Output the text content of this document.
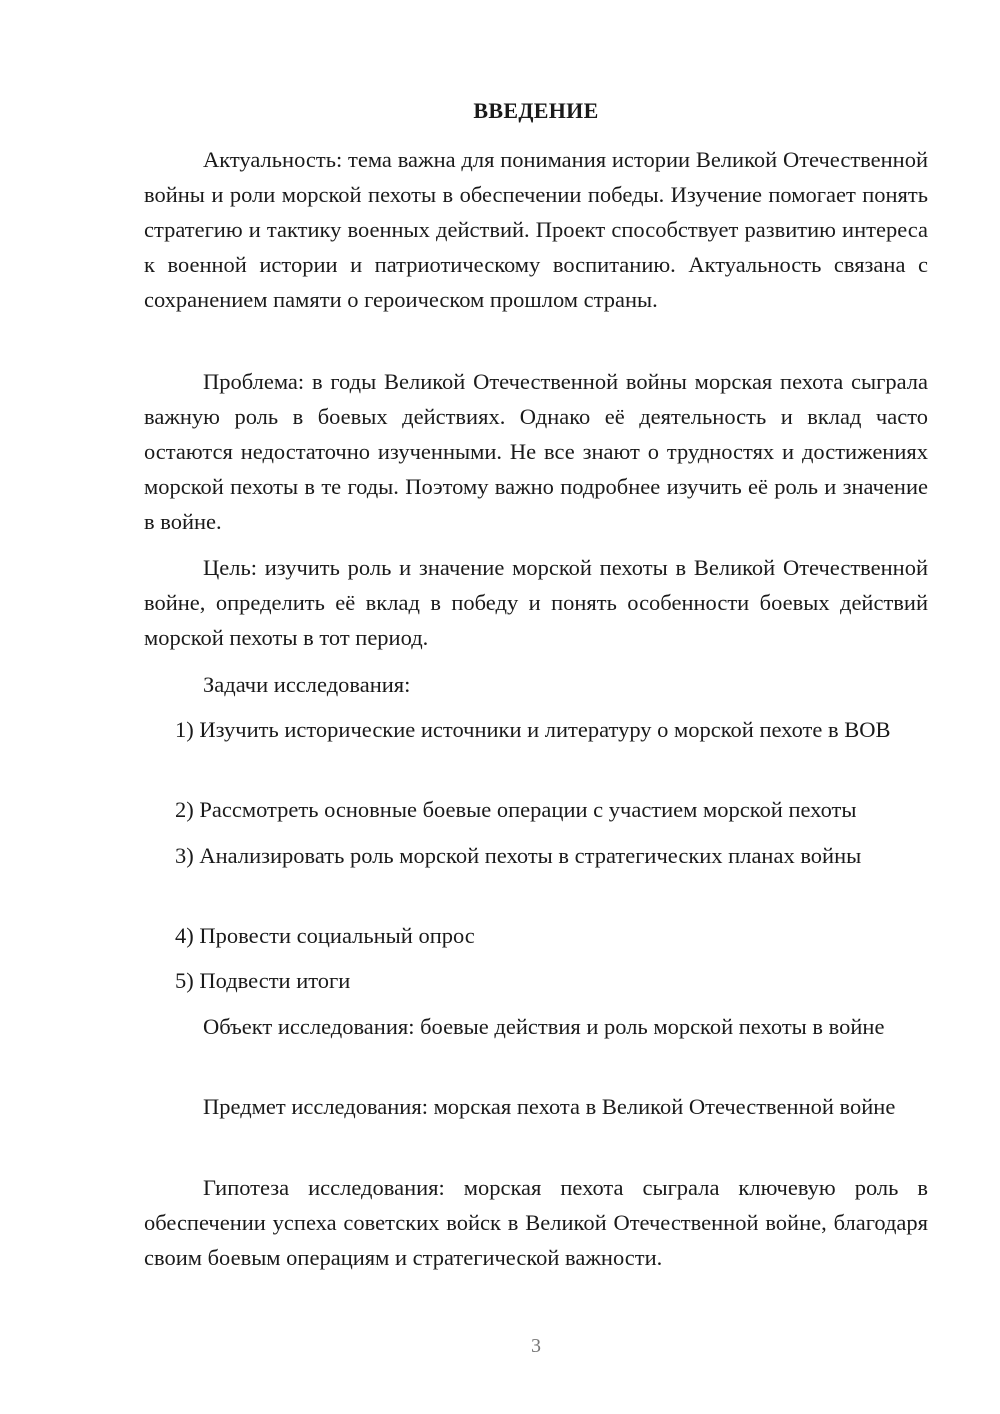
ВВЕДЕНИЕ

Актуальность: тема важна для понимания истории Великой Отечественной войны и роли морской пехоты в обеспечении победы. Изучение помогает понять стратегию и тактику военных действий. Проект способствует развитию интереса к военной истории и патриотическому воспитанию. Актуальность связана с сохранением памяти о героическом прошлом страны.

Проблема: в годы Великой Отечественной войны морская пехота сыграла важную роль в боевых действиях. Однако её деятельность и вклад часто остаются недостаточно изученными. Не все знают о трудностях и достижениях морской пехоты в те годы. Поэтому важно подробнее изучить её роль и значение в войне.

Цель: изучить роль и значение морской пехоты в Великой Отечественной войне, определить её вклад в победу и понять особенности боевых действий морской пехоты в тот период.

Задачи исследования:

1) Изучить исторические источники и литературу о морской пехоте в ВОВ

2) Рассмотреть основные боевые операции с участием морской пехоты

3) Анализировать роль морской пехоты в стратегических планах войны

4) Провести социальный опрос

5) Подвести итоги

Объект исследования: боевые действия и роль морской пехоты в войне

Предмет исследования: морская пехота в Великой Отечественной войне

Гипотеза исследования: морская пехота сыграла ключевую роль в обеспечении успеха советских войск в Великой Отечественной войне, благодаря своим боевым операциям и стратегической важности.

3
